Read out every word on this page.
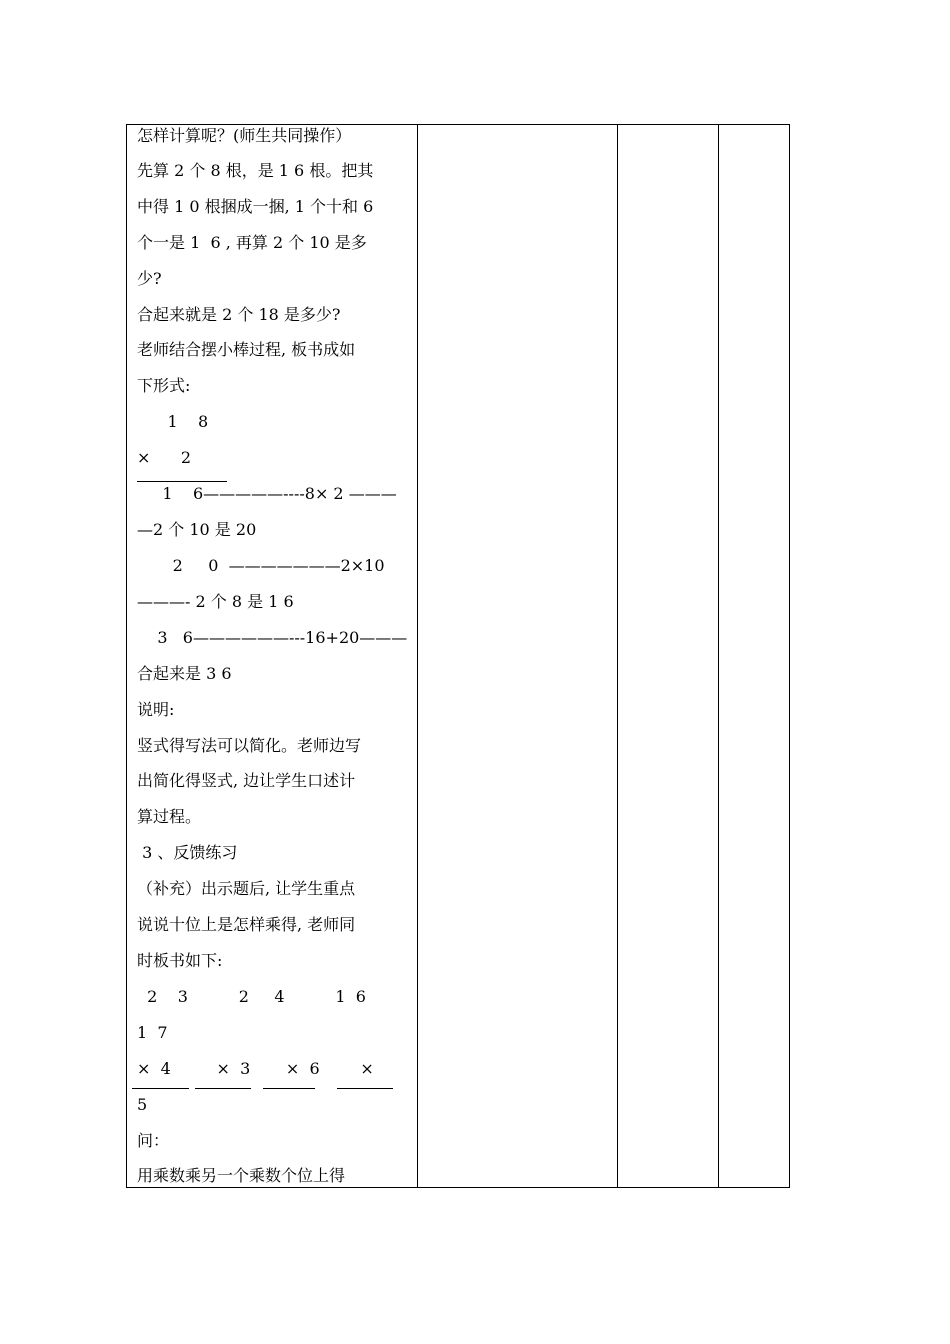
怎样计算呢？(师生共同操作）
先算 2 个 8 根，是 1 6 根。把其
中得 1 0 根捆成一捆, 1 个十和 6
个一是 1  6 , 再算 2 个 10 是多
少?
合起来就是 2 个 18 是多少?
老师结合摆小棒过程, 板书成如
下形式:
1    8
×      2
1    6—————----8× 2 ———
—2 个 10 是 20
2     0  ———————2×10
———- 2 个 8 是 1 6
3   6——————---16+20———
合起来是 3 6
说明:
竖式得写法可以简化。老师边写
出简化得竖式, 边让学生口述计
算过程。
3 、反馈练习
（补充）出示题后, 让学生重点
说说十位上是怎样乘得, 老师同
时板书如下:
2    3          2     4          1  6
1  7
×  4         ×  3       ×  6        ×
5
问：
用乘数乘另一个乘数个位上得
